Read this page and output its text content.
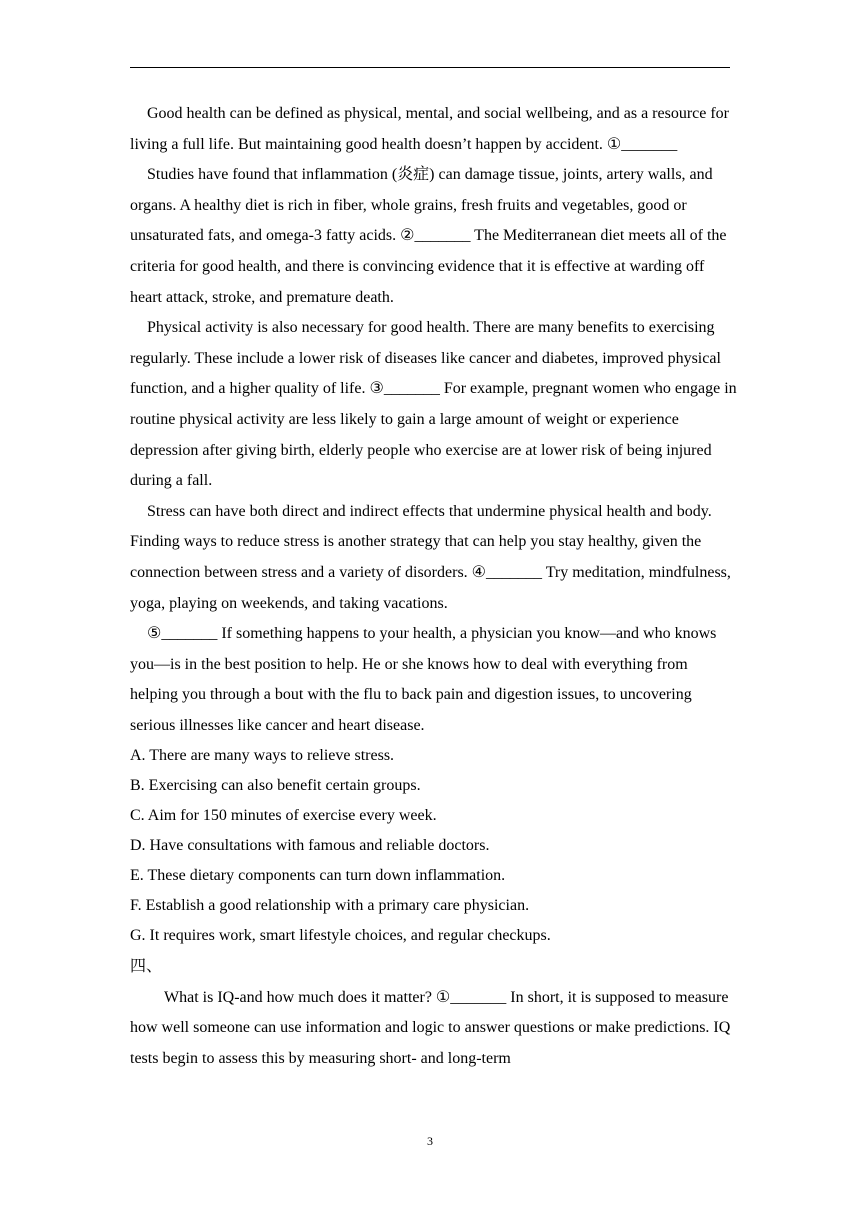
Good health can be defined as physical, mental, and social wellbeing, and as a resource for living a full life. But maintaining good health doesn’t happen by accident. ①_______

Studies have found that inflammation (炎症) can damage tissue, joints, artery walls, and organs. A healthy diet is rich in fiber, whole grains, fresh fruits and vegetables, good or unsaturated fats, and omega-3 fatty acids. ②_______ The Mediterranean diet meets all of the criteria for good health, and there is convincing evidence that it is effective at warding off heart attack, stroke, and premature death.

Physical activity is also necessary for good health. There are many benefits to exercising regularly. These include a lower risk of diseases like cancer and diabetes, improved physical function, and a higher quality of life. ③_______ For example, pregnant women who engage in routine physical activity are less likely to gain a large amount of weight or experience depression after giving birth, elderly people who exercise are at lower risk of being injured during a fall.

Stress can have both direct and indirect effects that undermine physical health and body. Finding ways to reduce stress is another strategy that can help you stay healthy, given the connection between stress and a variety of disorders. ④_______ Try meditation, mindfulness, yoga, playing on weekends, and taking vacations.

⑤_______ If something happens to your health, a physician you know—and who knows you—is in the best position to help. He or she knows how to deal with everything from helping you through a bout with the flu to back pain and digestion issues, to uncovering serious illnesses like cancer and heart disease.

A. There are many ways to relieve stress.

B. Exercising can also benefit certain groups.

C. Aim for 150 minutes of exercise every week.

D. Have consultations with famous and reliable doctors.

E. These dietary components can turn down inflammation.

F. Establish a good relationship with a primary care physician.

G. It requires work, smart lifestyle choices, and regular checkups.

四、

What is IQ-and how much does it matter? ①_______ In short, it is supposed to measure how well someone can use information and logic to answer questions or make predictions. IQ tests begin to assess this by measuring short- and long-term

3
